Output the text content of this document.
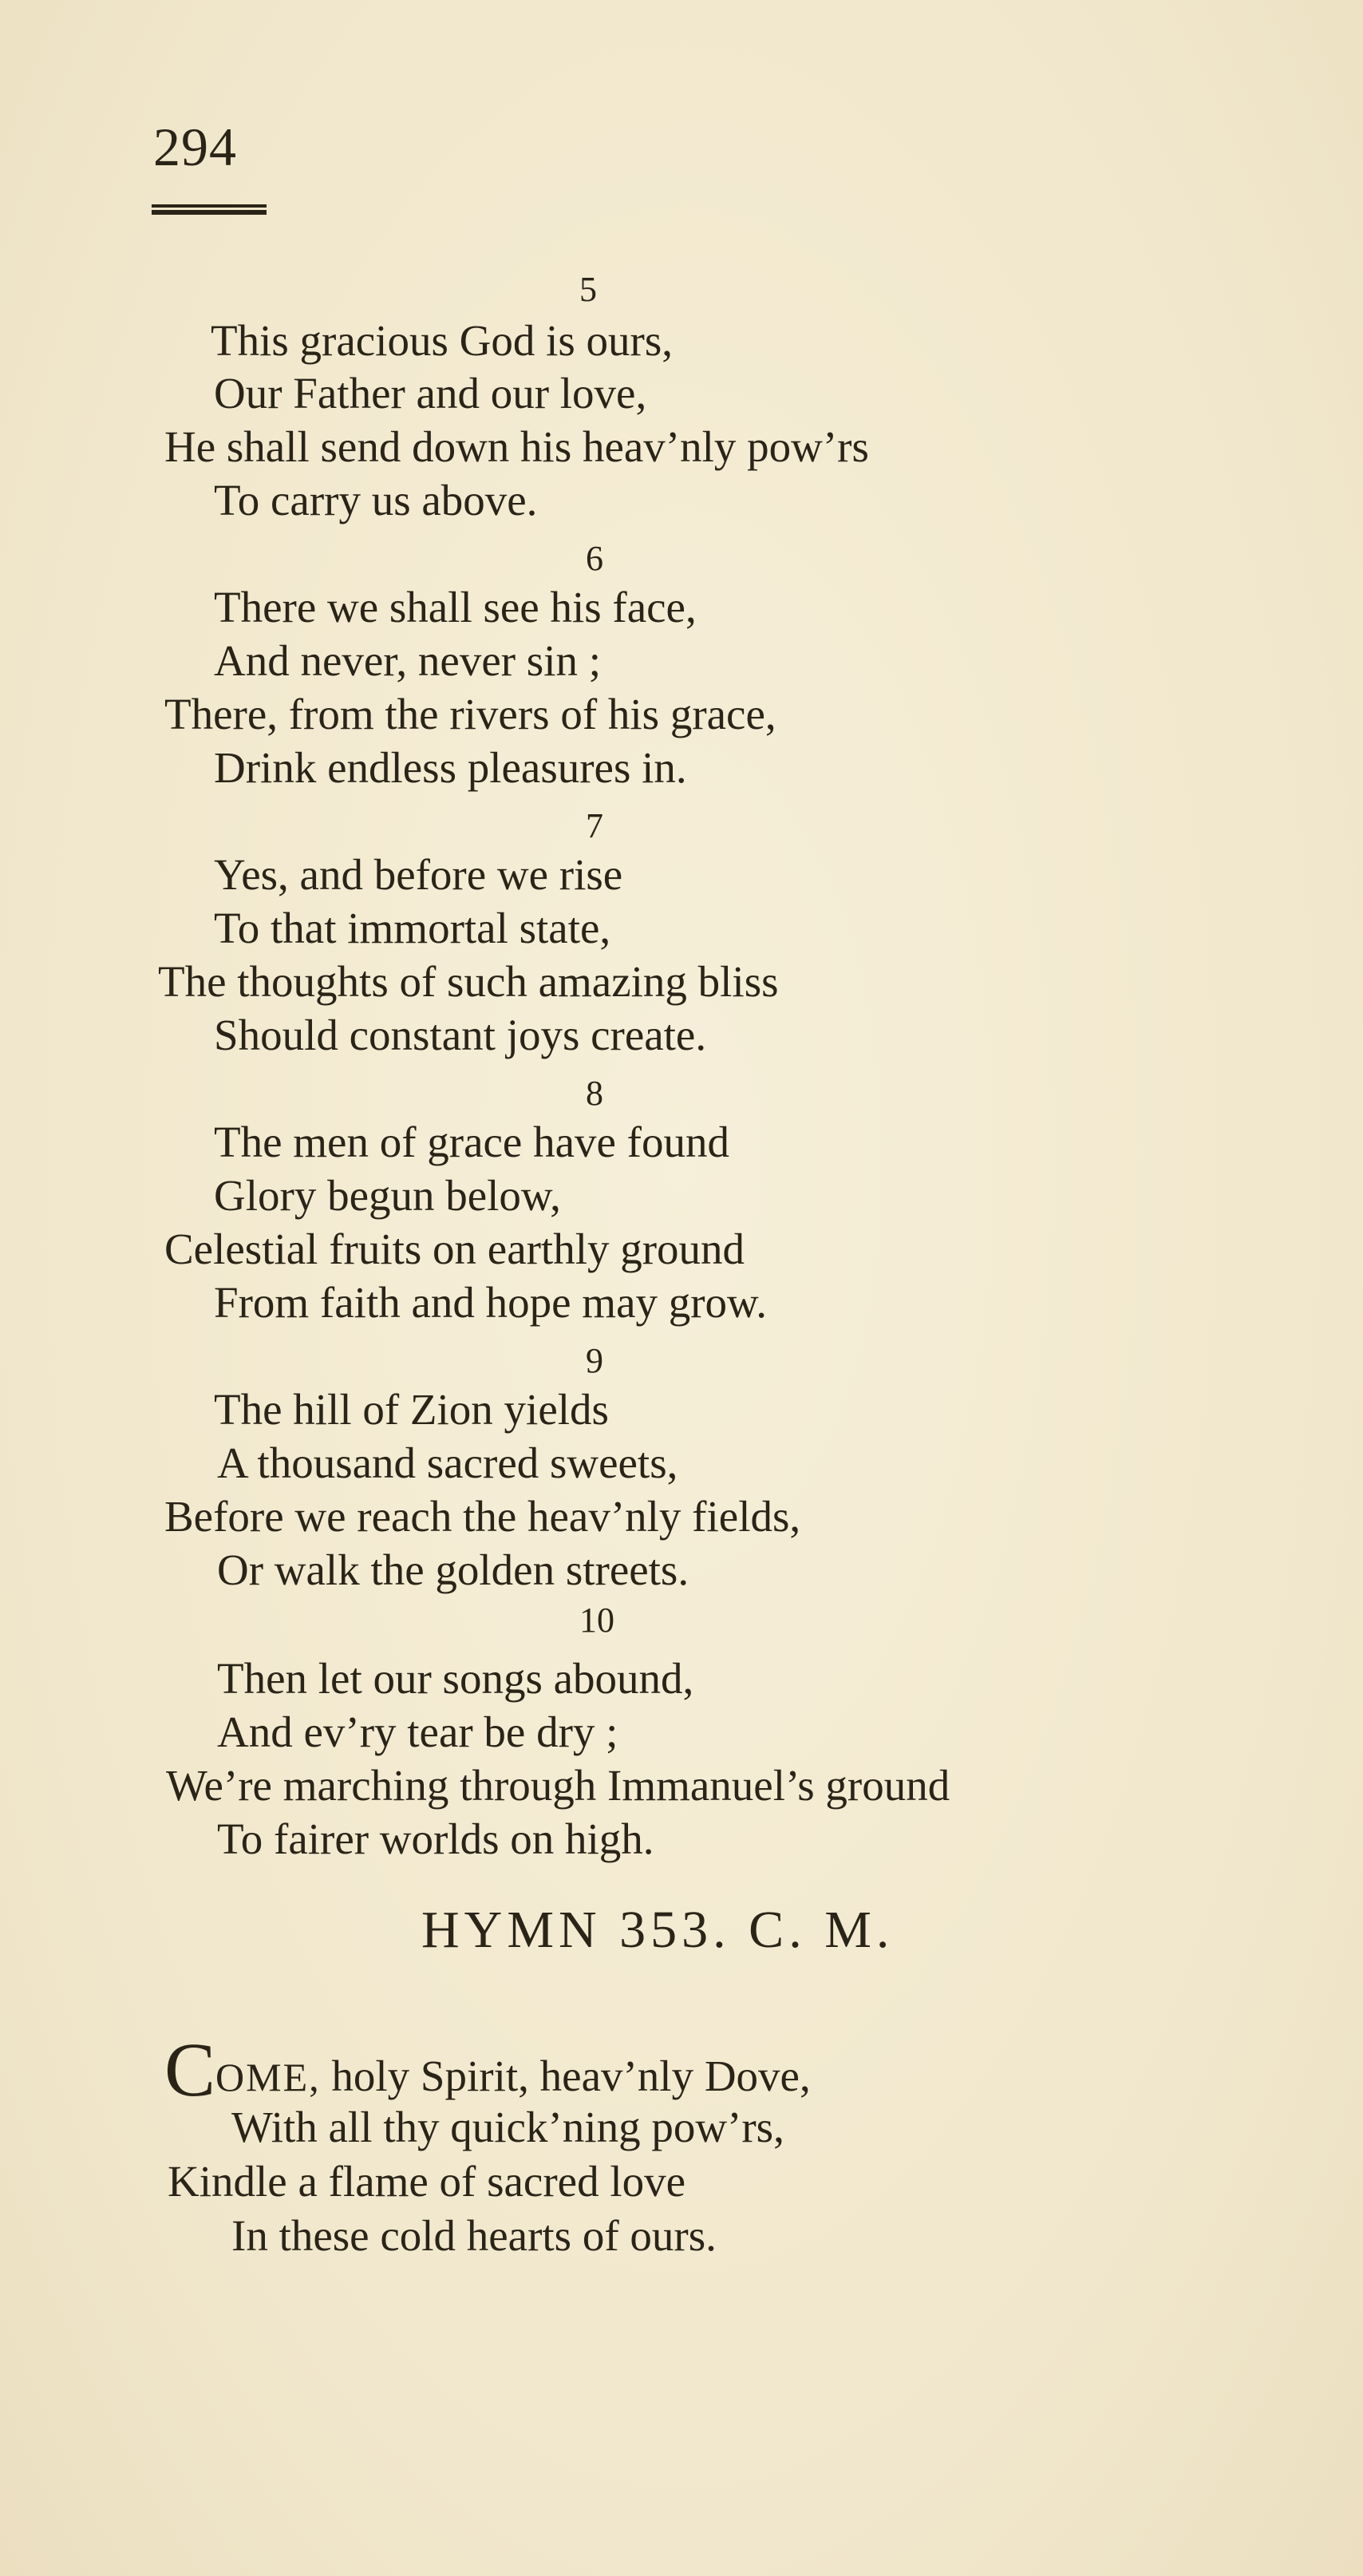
294
5
This gracious God is ours,
Our Father and our love,
He shall send down his heav’nly pow’rs
To carry us above.
6
There we shall see his face,
And never, never sin ;
There, from the rivers of his grace,
Drink endless pleasures in.
7
Yes, and before we rise
To that immortal state,
The thoughts of such amazing bliss
Should constant joys create.
8
The men of grace have found
Glory begun below,
Celestial fruits on earthly ground
From faith and hope may grow.
9
The hill of Zion yields
A thousand sacred sweets,
Before we reach the heav’nly fields,
Or walk the golden streets.
10
Then let our songs abound,
And ev’ry tear be dry ;
We’re marching through Immanuel’s ground
To fairer worlds on high.
HYMN 353. C. M.
COME, holy Spirit, heav’nly Dove,
With all thy quick’ning pow’rs,
Kindle a flame of sacred love
In these cold hearts of ours.
